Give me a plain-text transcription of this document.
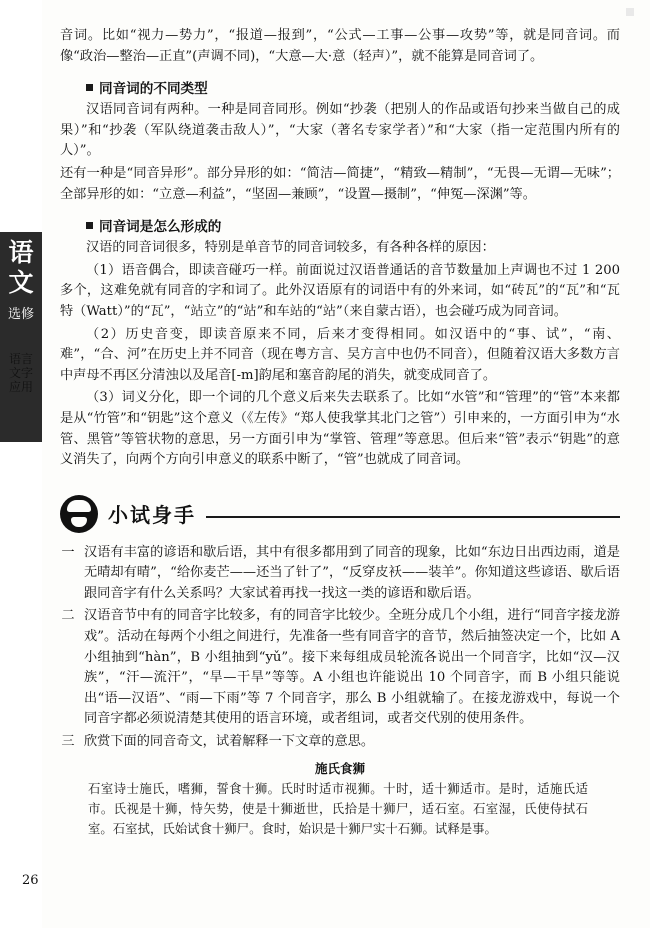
语文
选修
语言文字应用

音词。比如“视力—势力”，“报道—报到”，“公式—工事—公事—攻势”等，就是同音词。而像“政治—整治—正直”(声调不同)，“大意—大·意（轻声）”，就不能算是同音词了。

同音词的不同类型

汉语同音词有两种。一种是同音同形。例如“抄袭（把别人的作品或语句抄来当做自己的成果）”和“抄袭（军队绕道袭击敌人）”，“大家（著名专家学者）”和“大家（指一定范围内所有的人）”。

还有一种是“同音异形”。部分异形的如：“简洁—简捷”，“精致—精制”，“无畏—无谓—无味”；全部异形的如：“立意—利益”，“坚固—兼顾”，“设置—摄制”，“伸冤—深渊”等。

同音词是怎么形成的

汉语的同音词很多，特别是单音节的同音词较多，有各种各样的原因：

（1）语音偶合，即读音碰巧一样。前面说过汉语普通话的音节数量加上声调也不过 1 200 多个，这难免就有同音的字和词了。此外汉语原有的词语中有的外来词，如“砖瓦”的“瓦”和“瓦特（Watt）”的“瓦”，“站立”的“站”和车站的“站”（来自蒙古语），也会碰巧成为同音词。

（2）历史音变，即读音原来不同，后来才变得相同。如汉语中的“事、试”，“南、难”，“合、河”在历史上并不同音（现在粤方言、吴方言中也仍不同音），但随着汉语大多数方言中声母不再区分清浊以及尾音[-m]韵尾和塞音韵尾的消失，就变成同音了。

（3）词义分化，即一个词的几个意义后来失去联系了。比如“水管”和“管理”的“管”本来都是从“竹管”和“钥匙”这个意义（《左传》“郑人使我掌其北门之管”）引申来的，一方面引申为“水管、黑管”等管状物的意思，另一方面引申为“掌管、管理”等意思。但后来“管”表示“钥匙”的意义消失了，向两个方向引申意义的联系中断了，“管”也就成了同音词。

小试身手
一 汉语有丰富的谚语和歇后语，其中有很多都用到了同音的现象，比如“东边日出西边雨，道是无晴却有晴”，“给你麦芒——还当了针了”，“反穿皮袄——装羊”。你知道这些谚语、歇后语跟同音字有什么关系吗？大家试着再找一找这一类的谚语和歇后语。
二 汉语音节中有的同音字比较多，有的同音字比较少。全班分成几个小组，进行“同音字接龙游戏”。活动在每两个小组之间进行，先准备一些有同音字的音节，然后抽签决定一个，比如 A 小组抽到“hàn”，B 小组抽到“yǔ”。接下来每组成员轮流各说出一个同音字，比如“汉—汉族”，“汗—流汗”，“旱—干旱”等等。A 小组也许能说出 10 个同音字，而 B 小组只能说出“语—汉语”、“雨—下雨”等 7 个同音字，那么 B 小组就输了。在接龙游戏中，每说一个同音字都必须说清楚其使用的语言环境，或者组词，或者交代别的使用条件。
三 欣赏下面的同音奇文，试着解释一下文章的意思。
施氏食狮
石室诗士施氏，嗜狮，誓食十狮。氏时时适市视狮。十时，适十狮适市。是时，适施氏适市。氏视是十狮，恃矢势，使是十狮逝世，氏拾是十狮尸，适石室。石室湿，氏使侍拭石室。石室拭，氏始试食十狮尸。食时，始识是十狮尸实十石狮。试释是事。
26
